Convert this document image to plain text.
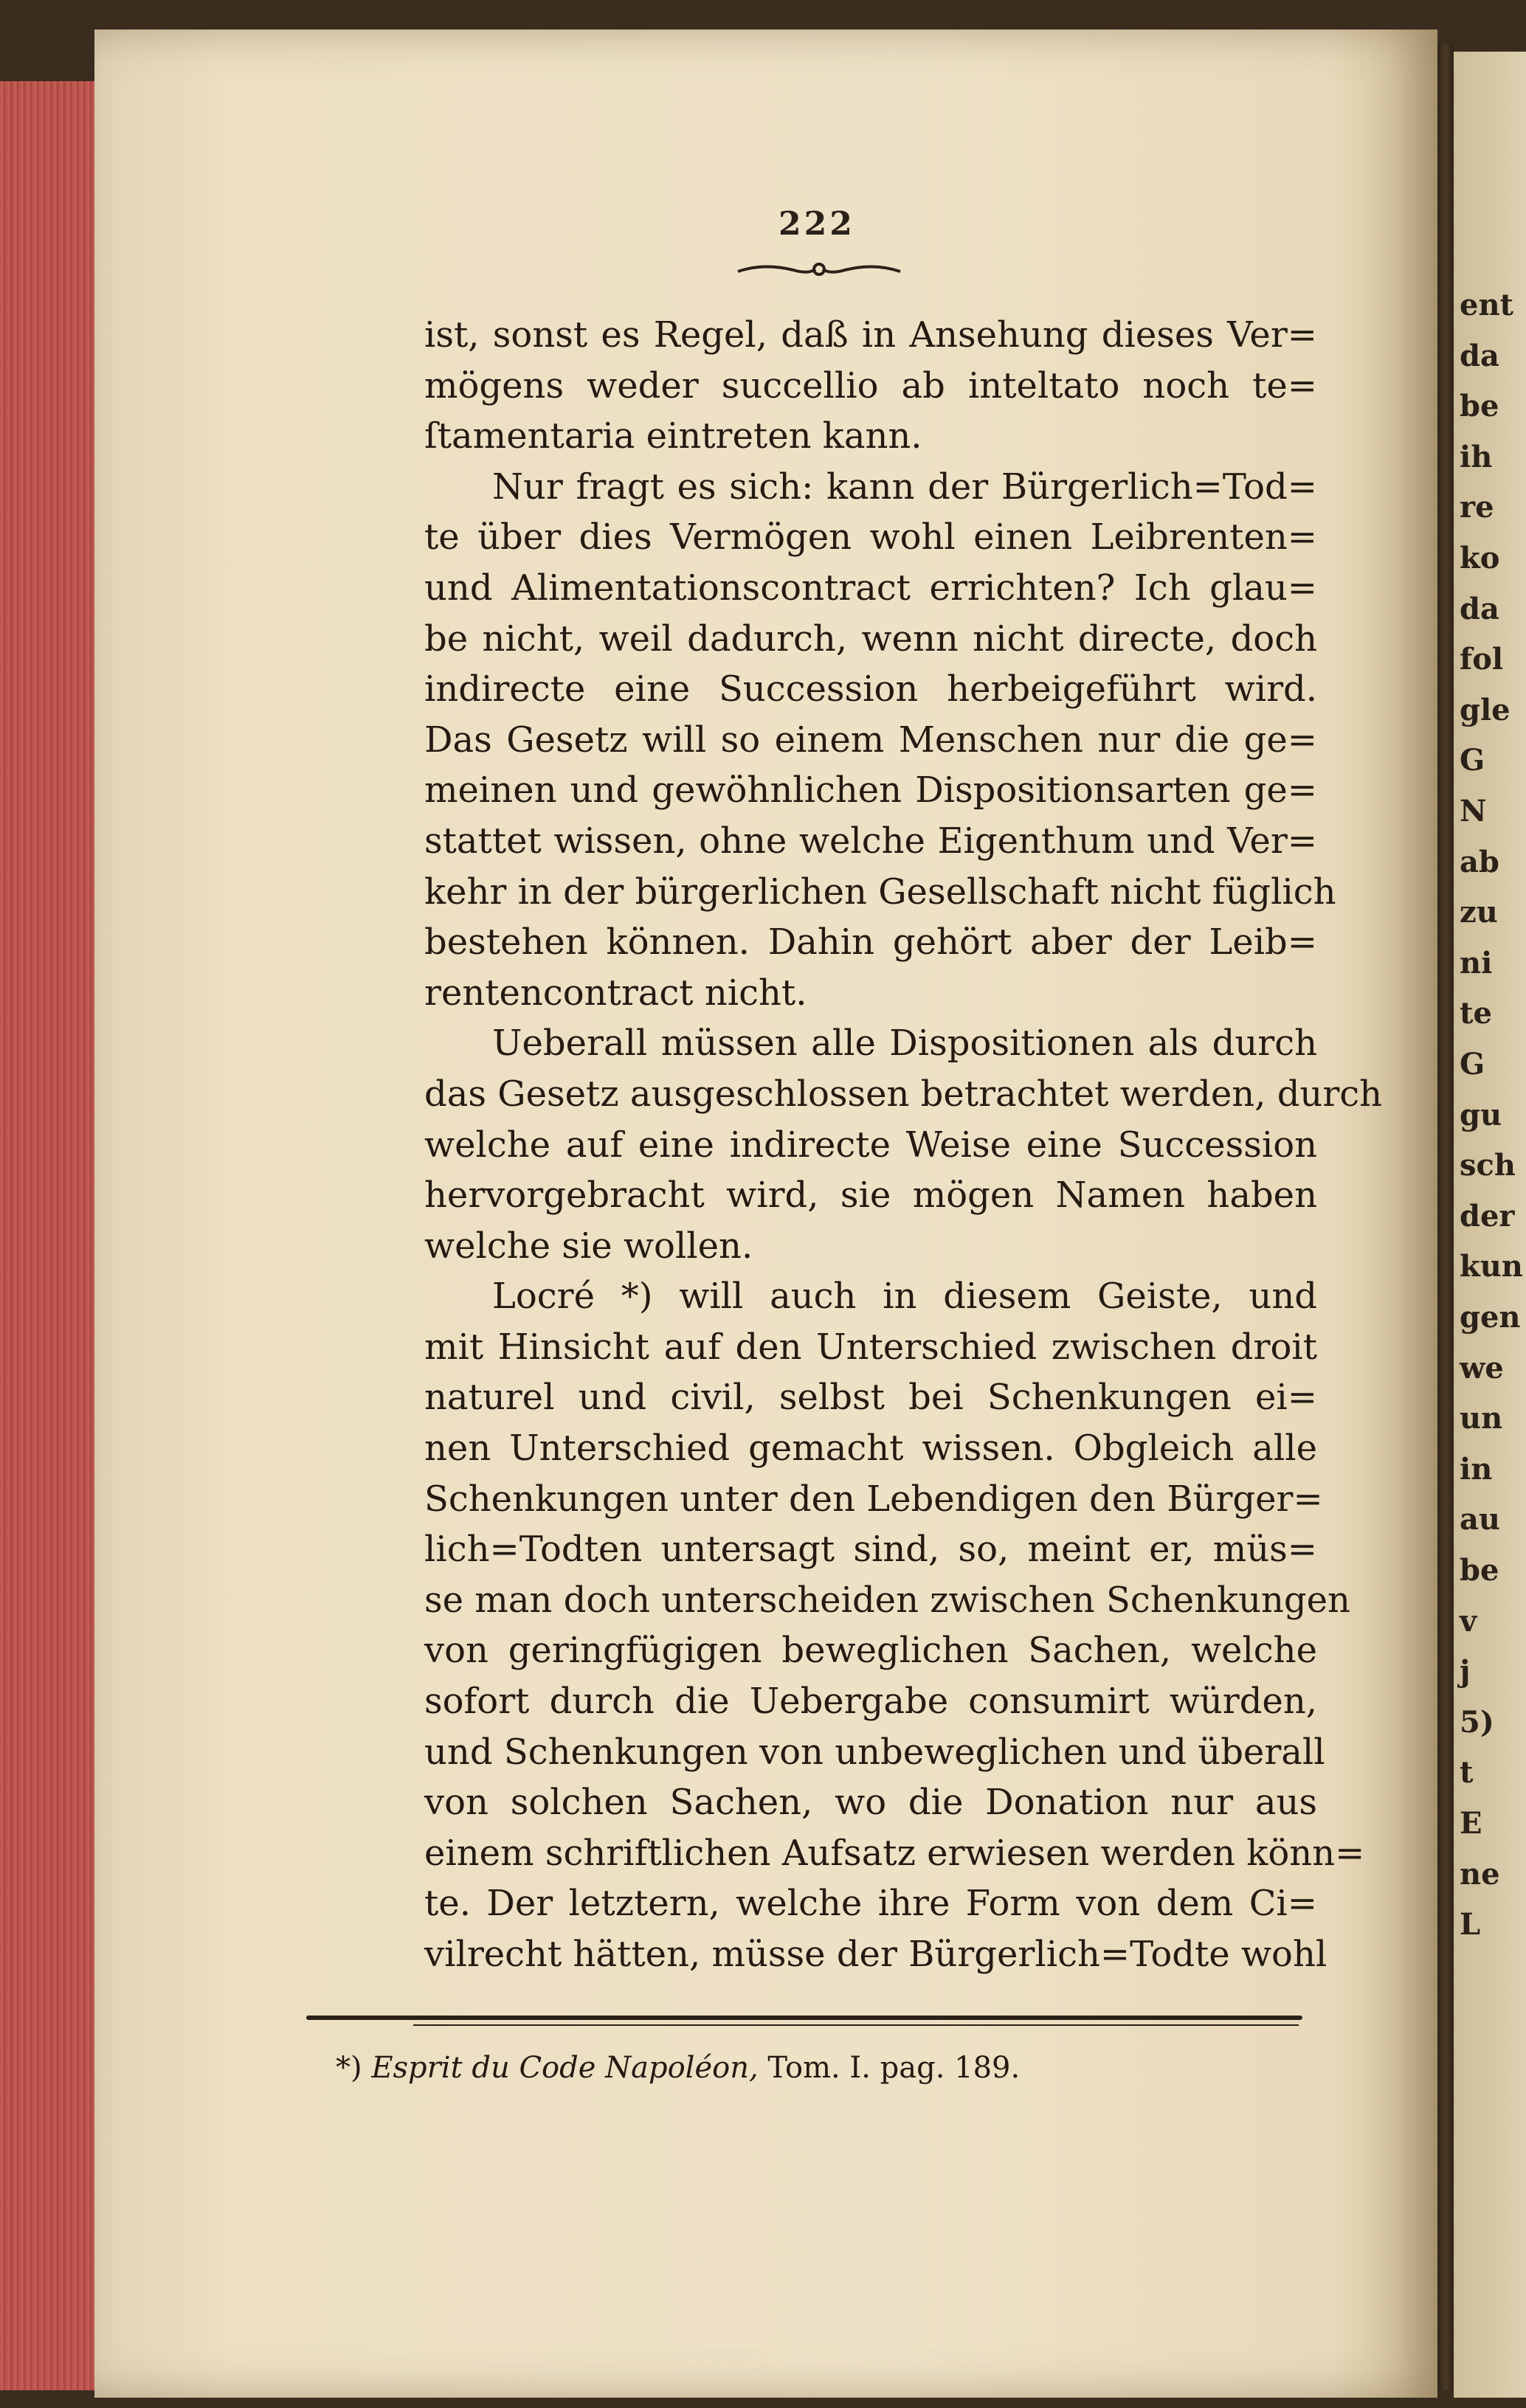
ent
da
be
ih
re
ko
da
fol
gle
G
N
ab
zu
ni
te
G
gu
sch
der
kun
gen
we
un
in
au
be
v
j
5)
t
E
ne
L
222
ist, sonst es Regel, daß in Ansehung dieses Ver=
mögens weder succellio ab inteltato noch te=
ſtamentaria eintreten kann.
Nur fragt es sich: kann der Bürgerlich=Tod=
te über dies Vermögen wohl einen Leibrenten=
und Alimentationscontract errichten? Ich glau=
be nicht, weil dadurch, wenn nicht directe, doch
indirecte eine Succession herbeigeführt wird.
Das Gesetz will so einem Menschen nur die ge=
meinen und gewöhnlichen Dispositionsarten ge=
stattet wissen, ohne welche Eigenthum und Ver=
kehr in der bürgerlichen Gesellschaft nicht füglich
bestehen können. Dahin gehört aber der Leib=
rentencontract nicht.
Ueberall müssen alle Dispositionen als durch
das Gesetz ausgeschlossen betrachtet werden, durch
welche auf eine indirecte Weise eine Succession
hervorgebracht wird, sie mögen Namen haben
welche sie wollen.
Locré *) will auch in diesem Geiste, und
mit Hinsicht auf den Unterschied zwischen droit
naturel und civil, selbst bei Schenkungen ei=
nen Unterschied gemacht wissen. Obgleich alle
Schenkungen unter den Lebendigen den Bürger=
lich=Todten untersagt sind, so, meint er, müs=
se man doch unterscheiden zwischen Schenkungen
von geringfügigen beweglichen Sachen, welche
sofort durch die Uebergabe consumirt würden,
und Schenkungen von unbeweglichen und überall
von solchen Sachen, wo die Donation nur aus
einem schriftlichen Aufsatz erwiesen werden könn=
te. Der letztern, welche ihre Form von dem Ci=
vilrecht hätten, müsse der Bürgerlich=Todte wohl
*) Esprit du Code Napoléon, Tom. I. pag. 189.
